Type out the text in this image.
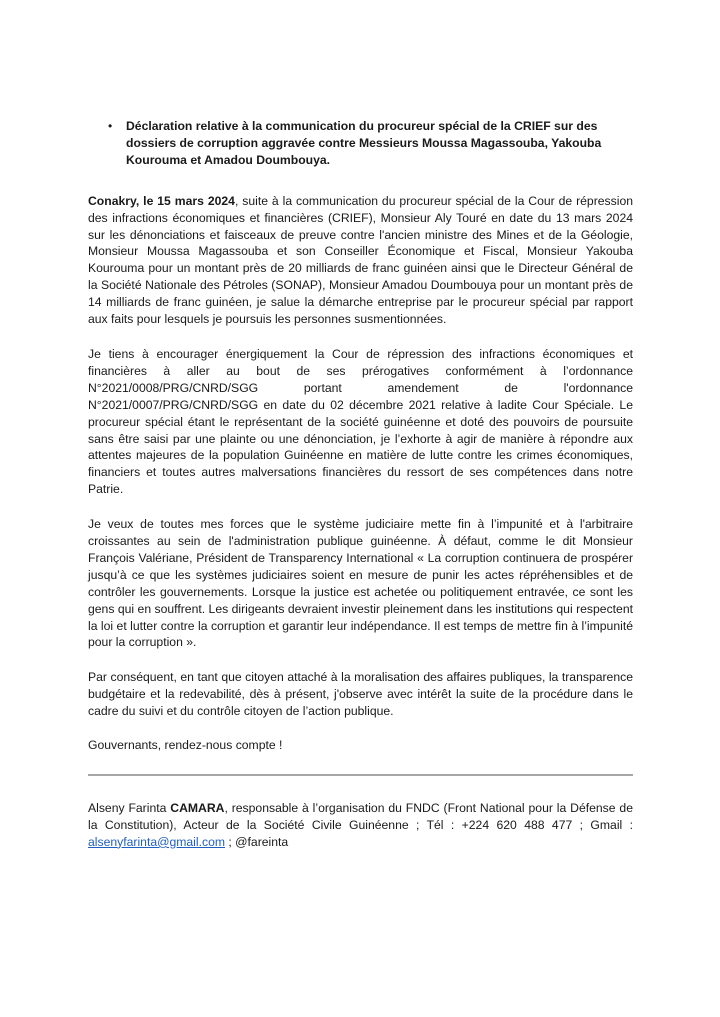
•	Déclaration relative à la communication du procureur spécial de la CRIEF sur des dossiers de corruption aggravée contre Messieurs Moussa Magassouba, Yakouba Kourouma et Amadou Doumbouya.

Conakry, le 15 mars 2024, suite à la communication du procureur spécial de la Cour de répression des infractions économiques et financières (CRIEF), Monsieur Aly Touré en date du 13 mars 2024 sur les dénonciations et faisceaux de preuve contre l'ancien ministre des Mines et de la Géologie, Monsieur Moussa Magassouba et son Conseiller Économique et Fiscal, Monsieur Yakouba Kourouma pour un montant près de 20 milliards de franc guinéen ainsi que le Directeur Général de la Société Nationale des Pétroles (SONAP), Monsieur Amadou Doumbouya pour un montant près de 14 milliards de franc guinéen, je salue la démarche entreprise par le procureur spécial par rapport aux faits pour lesquels je poursuis les personnes susmentionnées.

Je tiens à encourager énergiquement la Cour de répression des infractions économiques et financières à aller au bout de ses prérogatives conformément à l’ordonnance N°2021/0008/PRG/CNRD/SGG portant amendement de l'ordonnance N°2021/0007/PRG/CNRD/SGG en date du 02 décembre 2021 relative à ladite Cour Spéciale. Le procureur spécial étant le représentant de la société guinéenne et doté des pouvoirs de poursuite sans être saisi par une plainte ou une dénonciation, je l’exhorte à agir de manière à répondre aux attentes majeures de la population Guinéenne en matière de lutte contre les crimes économiques, financiers et toutes autres malversations financières du ressort de ses compétences dans notre Patrie.

Je veux de toutes mes forces que le système judiciaire mette fin à l’impunité et à l'arbitraire croissantes au sein de l'administration publique guinéenne. À défaut, comme le dit Monsieur François Valériane, Président de Transparency International « La corruption continuera de prospérer jusqu’à ce que les systèmes judiciaires soient en mesure de punir les actes répréhensibles et de contrôler les gouvernements. Lorsque la justice est achetée ou politiquement entravée, ce sont les gens qui en souffrent. Les dirigeants devraient investir pleinement dans les institutions qui respectent la loi et lutter contre la corruption et garantir leur indépendance. Il est temps de mettre fin à l’impunité pour la corruption ».

Par conséquent, en tant que citoyen attaché à la moralisation des affaires publiques, la transparence budgétaire et la redevabilité, dès à présent, j'observe avec intérêt la suite de la procédure dans le cadre du suivi et du contrôle citoyen de l’action publique.

Gouvernants, rendez-nous compte !

Alseny Farinta CAMARA, responsable à l’organisation du FNDC (Front National pour la Défense de la Constitution), Acteur de la Société Civile Guinéenne ; Tél : +224 620 488 477 ; Gmail : alsenyfarinta@gmail.com ; @fareinta
